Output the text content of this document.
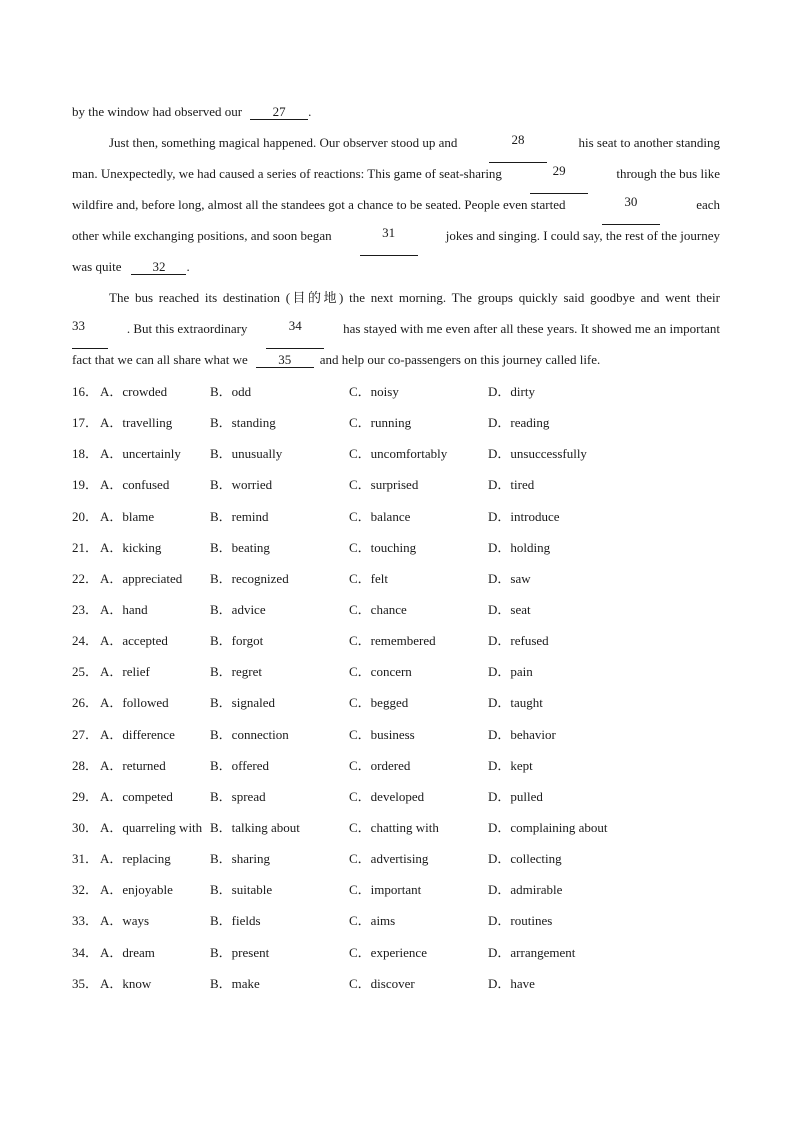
by the window had observed our	27	.
Just then, something magical happened. Our observer stood up and	28	his seat to another standing
man. Unexpectedly, we had caused a series of reactions: This game of seat-sharing	29	through the bus like
wildfire and, before long, almost all the standees got a chance to be seated. People even started	30	each
other while exchanging positions, and soon began	31	jokes and singing. I could say, the rest of the journey
was quite	32	.
The bus reached its destination (目的地) the next morning. The groups quickly said goodbye and went their
33	. But this extraordinary	34	has stayed with me even after all these years. It showed me an important
fact that we can all share what we	35	and help our co-passengers on this journey called life.
16． A．crowded	B．odd	C．noisy	D．dirty
17． A．travelling	B．standing	C．running	D．reading
18． A．uncertainly B．unusually	C．uncomfortably	D．unsuccessfully
19． A．confused	B．worried	C．surprised	D．tired
20． A．blame	B．remind	C．balance	D．introduce
21． A．kicking	B．beating	C．touching	D．holding
22． A．appreciated B．recognized	C．felt	D．saw
23． A．hand	B．advice	C．chance	D．seat
24． A．accepted	B．forgot	C．remembered	D．refused
25． A．relief	B．regret	C．concern	D．pain
26． A．followed	B．signaled	C．begged	D．taught
27． A．difference	B．connection	C．business	D．behavior
28． A．returned	B．offered	C．ordered	D．kept
29． A．competed	B．spread	C．developed	D．pulled
30． A．quarreling with B．talking about	C．chatting with	D．complaining about
31． A．replacing	B．sharing	C．advertising	D．collecting
32． A．enjoyable	B．suitable	C．important	D．admirable
33． A．ways	B．fields	C．aims	D．routines
34． A．dream	B．present	C．experience	D．arrangement
35． A．know	B．make	C．discover	D．have
